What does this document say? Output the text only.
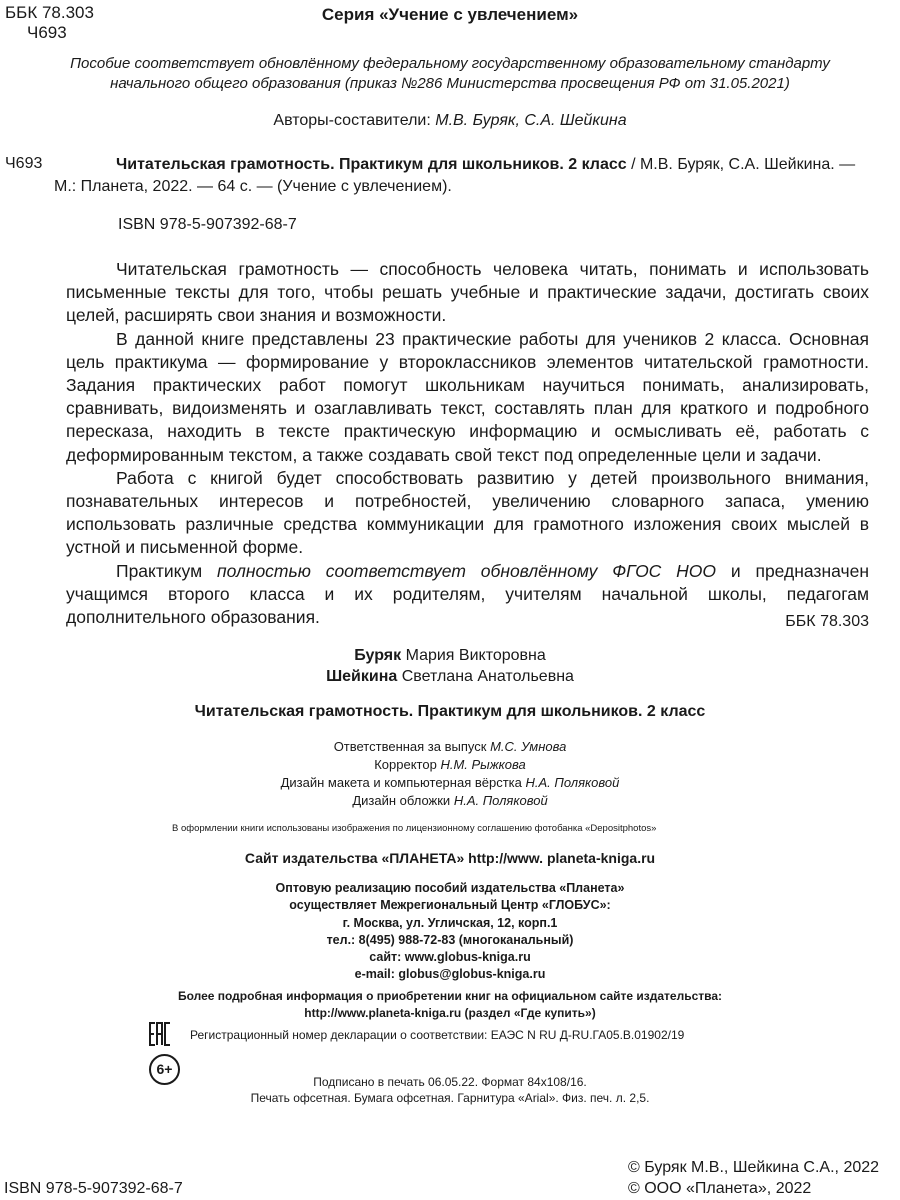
ББК 78.303
Ч693
Серия «Учение с увлечением»
Пособие соответствует обновлённому федеральному государственному образовательному стандарту
начального общего образования (приказ №286 Министерства просвещения РФ от 31.05.2021)
Авторы-составители: М.В. Буряк, С.А. Шейкина
Ч693	Читательская грамотность. Практикум для школьников. 2 класс / М.В. Буряк, С.А. Шейкина. — М.: Планета, 2022. — 64 с. — (Учение с увлечением).
ISBN 978-5-907392-68-7

Читательская грамотность — способность человека читать, понимать и использовать письменные тексты для того, чтобы решать учебные и практические задачи, достигать своих целей, расширять свои знания и возможности.

В данной книге представлены 23 практические работы для учеников 2 класса. Основная цель практикума — формирование у второклассников элементов читательской грамотности. Задания практических работ помогут школьникам научиться понимать, анализировать, сравнивать, видоизменять и озаглавливать текст, составлять план для краткого и подробного пересказа, находить в тексте практическую информацию и осмысливать её, работать с деформированным текстом, а также создавать свой текст под определенные цели и задачи.

Работа с книгой будет способствовать развитию у детей произвольного внимания, познавательных интересов и потребностей, увеличению словарного запаса, умению использовать различные средства коммуникации для грамотного изложения своих мыслей в устной и письменной форме.

Практикум полностью соответствует обновлённому ФГОС НОО и предназначен учащимся второго класса и их родителям, учителям начальной школы, педагогам дополнительного образования.	ББК 78.303
Буряк Мария Викторовна
Шейкина Светлана Анатольевна
Читательская грамотность. Практикум для школьников. 2 класс
Ответственная за выпуск М.С. Умнова
Корректор Н.М. Рыжкова
Дизайн макета и компьютерная вёрстка Н.А. Поляковой
Дизайн обложки Н.А. Поляковой
В оформлении книги использованы изображения по лицензионному соглашению фотобанка «Depositphotos»
Сайт издательства «ПЛАНЕТА» http://www. planeta-kniga.ru
Оптовую реализацию пособий издательства «Планета»
осуществляет Межрегиональный Центр «ГЛОБУС»:
г. Москва, ул. Угличская, 12, корп.1
тел.: 8(495) 988-72-83 (многоканальный)
сайт: www.globus-kniga.ru
e-mail: globus@globus-kniga.ru
Более подробная информация о приобретении книг на официальном сайте издательства:
http://www.planeta-kniga.ru (раздел «Где купить»)
Регистрационный номер декларации о соответствии: ЕАЭС N RU Д-RU.ГА05.В.01902/19
6+
Подписано в печать 06.05.22. Формат 84x108/16.
Печать офсетная. Бумага офсетная. Гарнитура «Arial». Физ. печ. л. 2,5.
© Буряк М.В., Шейкина С.А., 2022
© ООО «Планета», 2022
ISBN 978-5-907392-68-7
